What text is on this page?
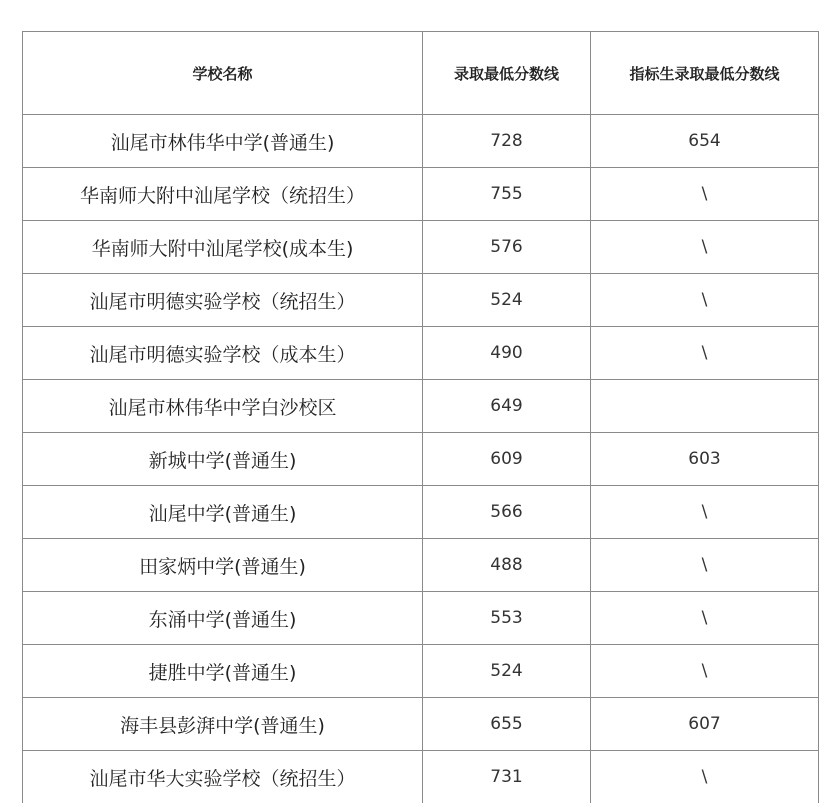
学校名称	录取最低分数线	指标生录取最低分数线
汕尾市林伟华中学(普通生)	728	654
华南师大附中汕尾学校（统招生）	755	\
华南师大附中汕尾学校(成本生)	576	\
汕尾市明德实验学校（统招生）	524	\
汕尾市明德实验学校（成本生）	490	\
汕尾市林伟华中学白沙校区	649	
新城中学(普通生)	609	603
汕尾中学(普通生)	566	\
田家炳中学(普通生)	488	\
东涌中学(普通生)	553	\
捷胜中学(普通生)	524	\
海丰县彭湃中学(普通生)	655	607
汕尾市华大实验学校（统招生）	731	\
